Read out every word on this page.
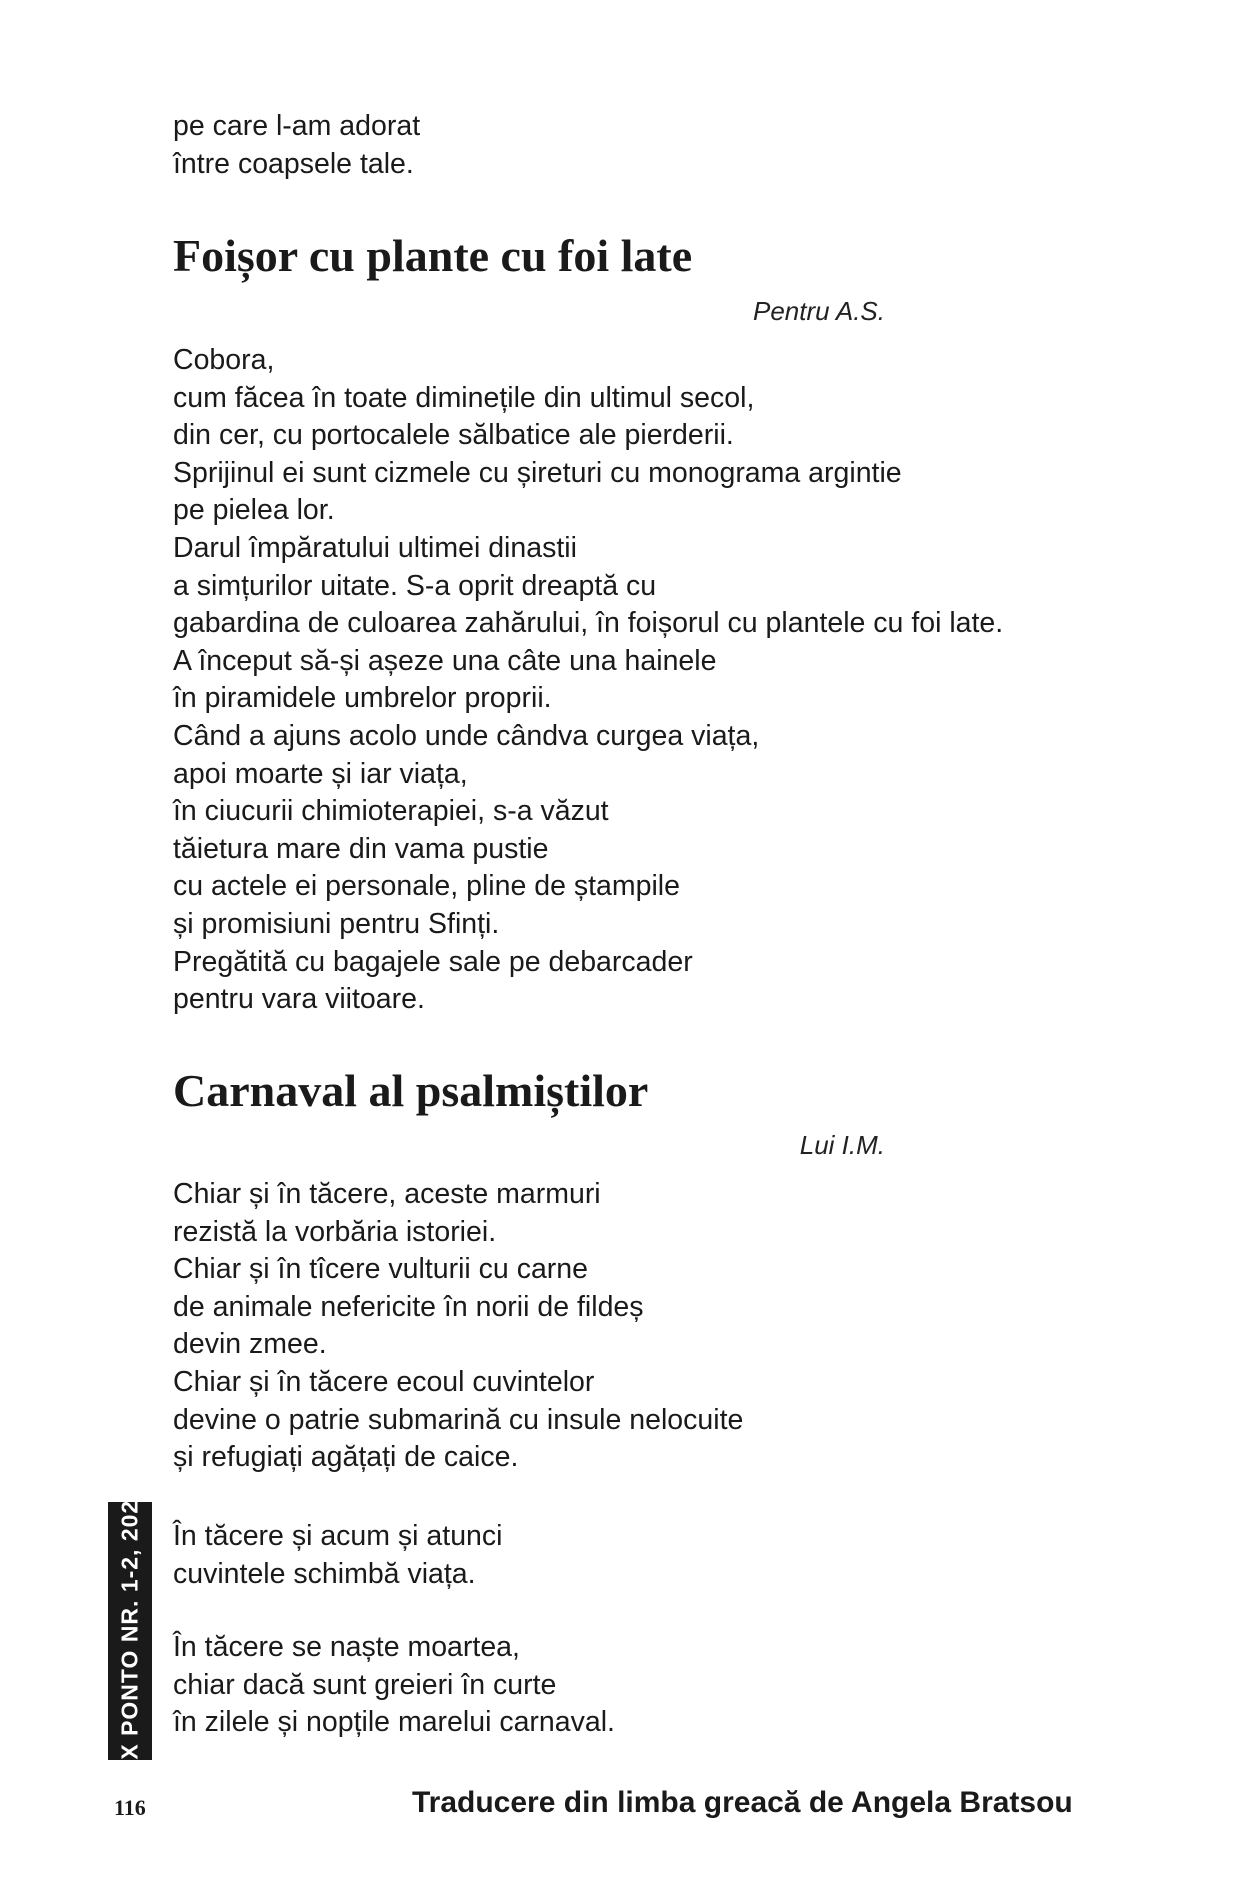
pe care l-am adorat
între coapsele tale.
Foișor cu plante cu foi late
Pentru A.S.
Cobora,
cum făcea în toate diminețile din ultimul secol,
din cer, cu portocalele sălbatice ale pierderii.
Sprijinul ei sunt cizmele cu șireturi cu monograma argintie
pe pielea lor.
Darul împăratului ultimei dinastii
a simțurilor uitate. S-a oprit dreaptă cu
gabardina de culoarea zahărului, în foișorul cu plantele cu foi late.
A început să-și așeze una câte una hainele
în piramidele umbrelor proprii.
Când a ajuns acolo unde cândva curgea viața,
apoi moarte și iar viața,
în ciucurii chimioterapiei, s-a văzut
tăietura mare din vama pustie
cu actele ei personale, pline de ștampile
și promisiuni pentru Sfinți.
Pregătită cu bagajele sale pe debarcader
pentru vara viitoare.
Carnaval al psalmiștilor
Lui I.M.
Chiar și în tăcere, aceste marmuri
rezistă la vorbăria istoriei.
Chiar și în tîcere vulturii cu carne
de animale nefericite în norii de fildeș
devin zmee.
Chiar și în tăcere ecoul cuvintelor
devine o patrie submarină cu insule nelocuite
și refugiați agățați de caice.
În tăcere și acum și atunci
cuvintele schimbă viața.
În tăcere se naște moartea,
chiar dacă sunt greieri în curte
în zilele și nopțile marelui carnaval.
EX PONTO NR. 1-2, 2025
116	Traducere din limba greacă de Angela Bratsou
